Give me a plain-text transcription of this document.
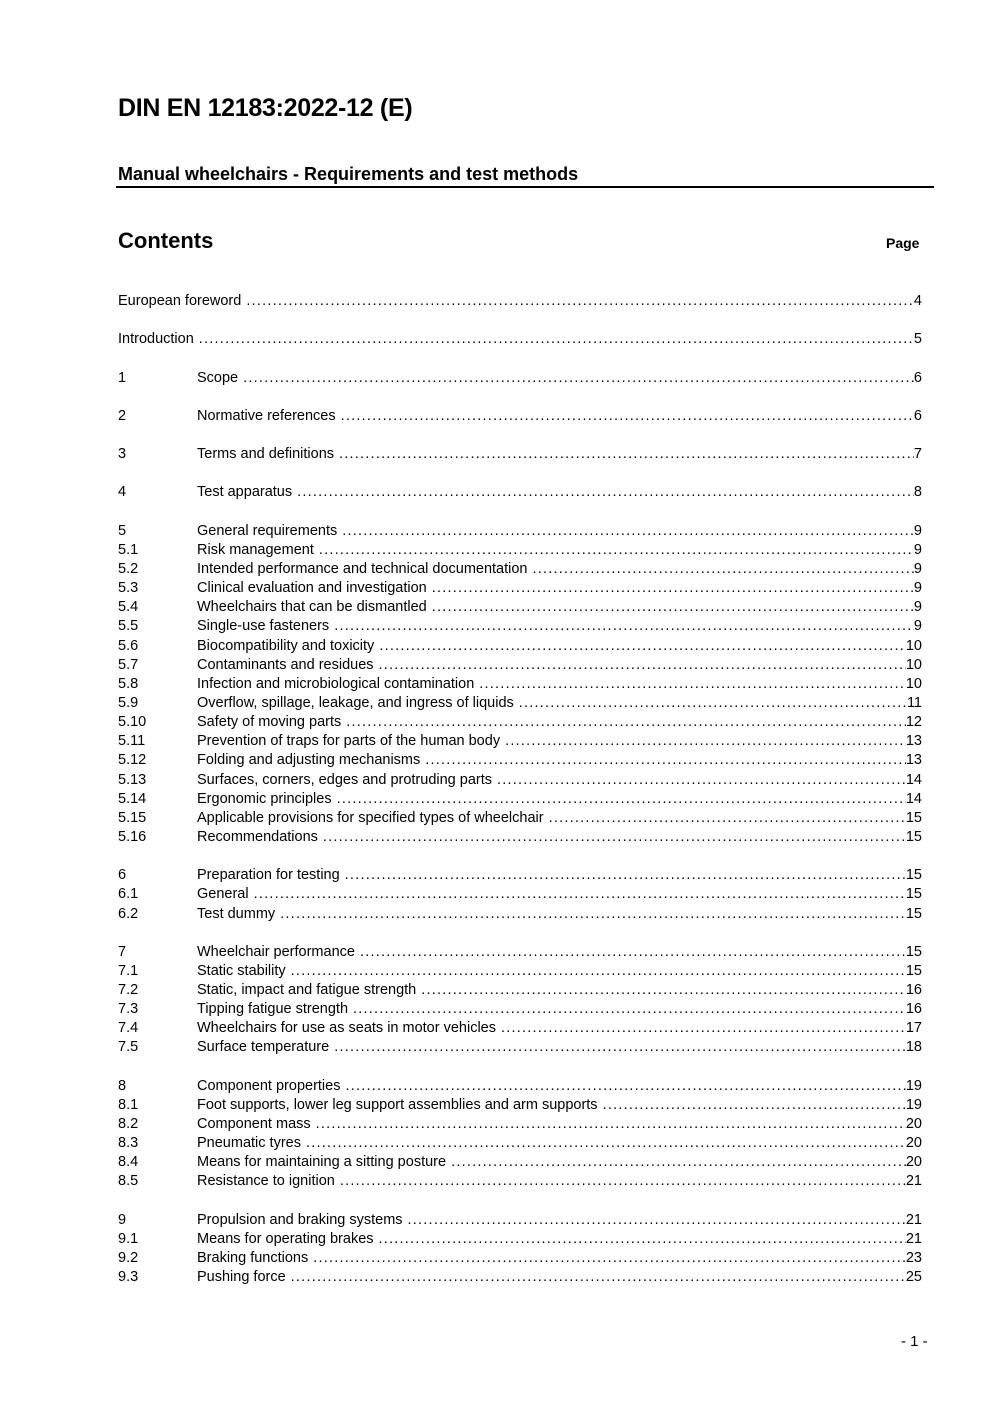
DIN EN 12183:2022-12 (E)
Manual wheelchairs - Requirements and test methods
Contents	Page
European foreword . . .	4
Introduction . . .	5
1	Scope . . .	6
2	Normative references . . .	6
3	Terms and definitions . . .	7
4	Test apparatus . . .	8
5	General requirements . . .	9
5.1	Risk management . . .	9
5.2	Intended performance and technical documentation . . .	9
5.3	Clinical evaluation and investigation . . .	9
5.4	Wheelchairs that can be dismantled . . .	9
5.5	Single-use fasteners . . .	9
5.6	Biocompatibility and toxicity . . .	10
5.7	Contaminants and residues . . .	10
5.8	Infection and microbiological contamination . . .	10
5.9	Overflow, spillage, leakage, and ingress of liquids . . .	11
5.10	Safety of moving parts . . .	12
5.11	Prevention of traps for parts of the human body . . .	13
5.12	Folding and adjusting mechanisms . . .	13
5.13	Surfaces, corners, edges and protruding parts . . .	14
5.14	Ergonomic principles . . .	14
5.15	Applicable provisions for specified types of wheelchair . . .	15
5.16	Recommendations . . .	15
6	Preparation for testing . . .	15
6.1	General . . .	15
6.2	Test dummy . . .	15
7	Wheelchair performance . . .	15
7.1	Static stability . . .	15
7.2	Static, impact and fatigue strength . . .	16
7.3	Tipping fatigue strength . . .	16
7.4	Wheelchairs for use as seats in motor vehicles . . .	17
7.5	Surface temperature . . .	18
8	Component properties . . .	19
8.1	Foot supports, lower leg support assemblies and arm supports . . .	19
8.2	Component mass . . .	20
8.3	Pneumatic tyres . . .	20
8.4	Means for maintaining a sitting posture . . .	20
8.5	Resistance to ignition . . .	21
9	Propulsion and braking systems . . .	21
9.1	Means for operating brakes . . .	21
9.2	Braking functions . . .	23
9.3	Pushing force . . .	25
- 1 -
